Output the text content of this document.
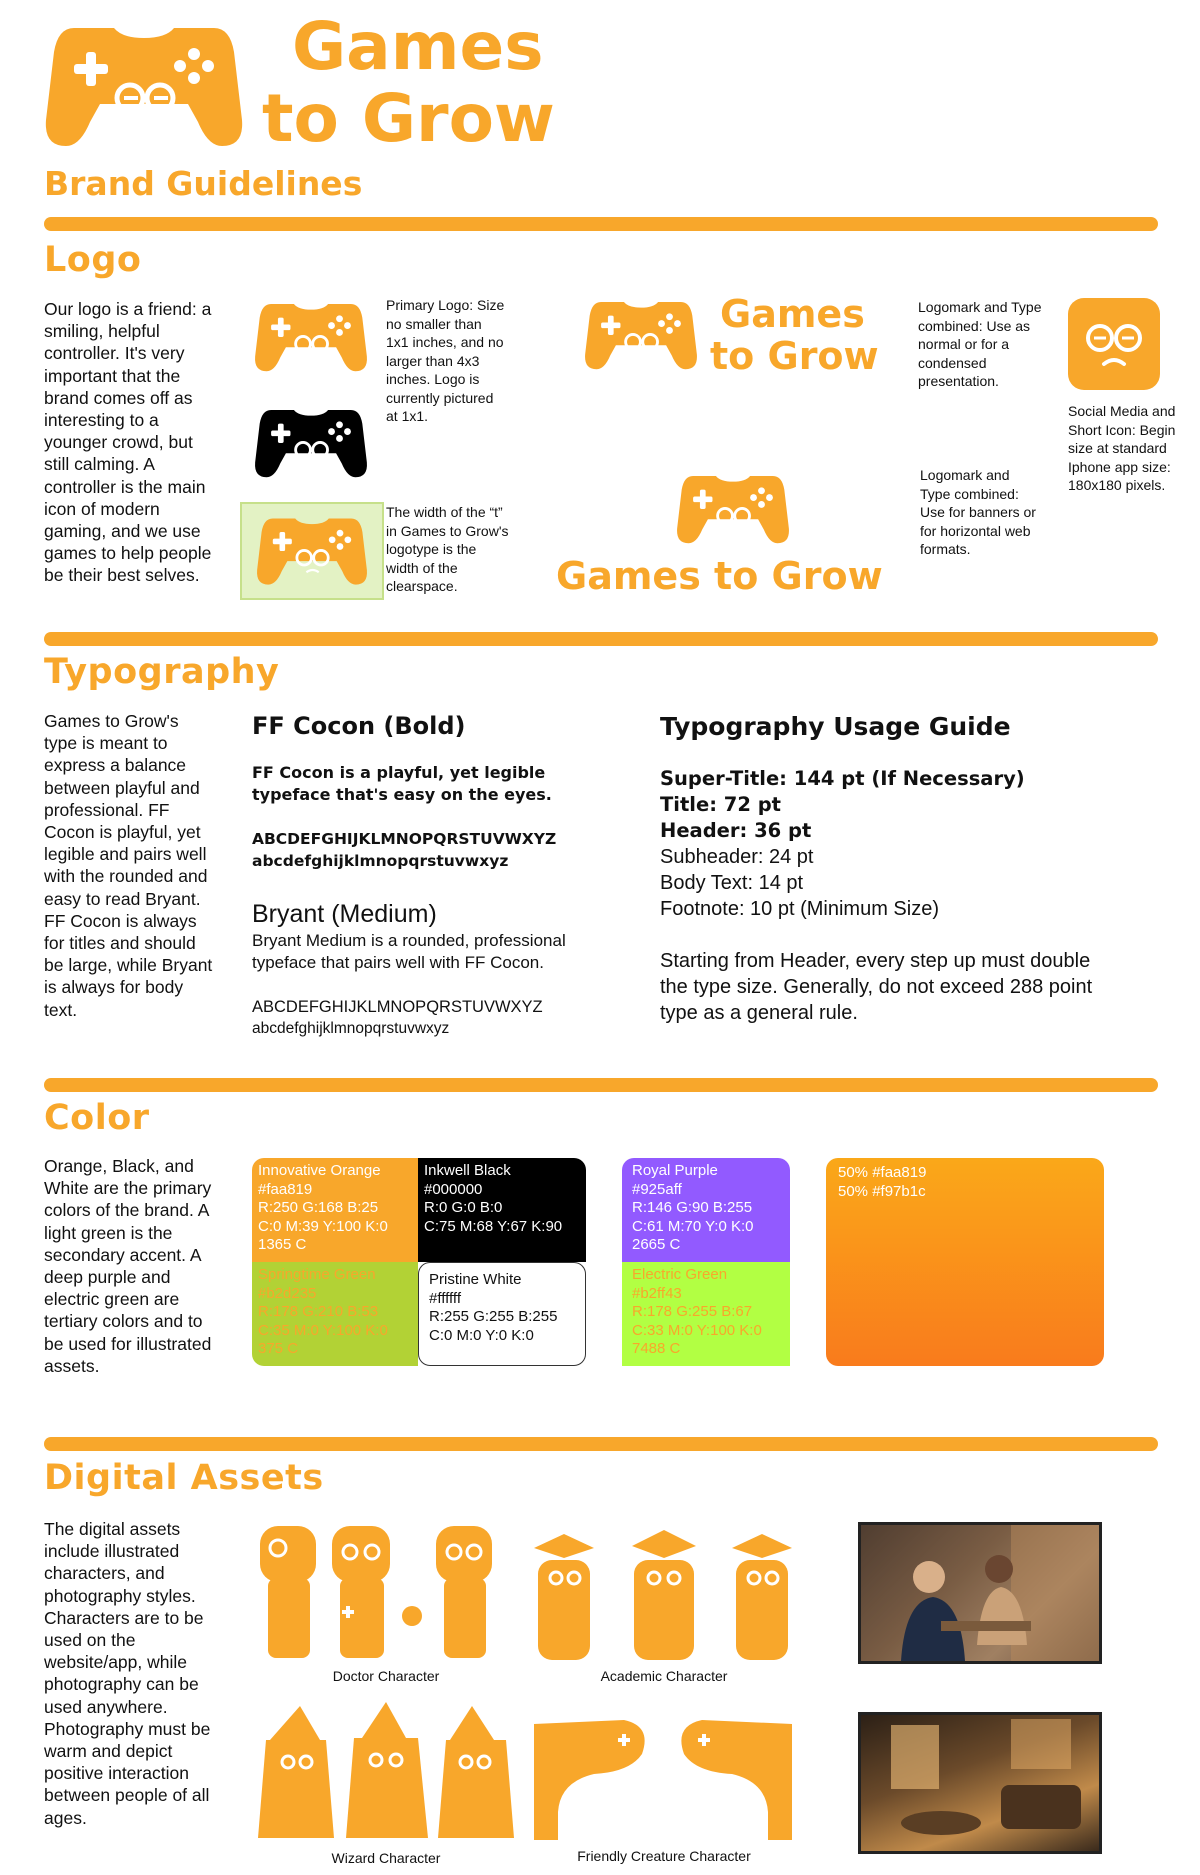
Games
to Grow
Brand Guidelines
Logo
Our logo is a friend: a smiling, helpful controller. It's very important that the brand comes off as interesting to a younger crowd, but still calming. A controller is the main icon of modern gaming, and we use games to help people be their best selves.
Primary Logo: Size no smaller than 1x1 inches, and no larger than 4x3 inches. Logo is currently pictured at 1x1.
The width of the “t” in Games to Grow's logotype is the width of the clearspace.
Games
to Grow
Logomark and Type combined: Use as normal or for a condensed presentation.
Games to Grow
Logomark and Type combined: Use for banners or for horizontal web formats.
Social Media and Short Icon: Begin size at standard Iphone app size: 180x180 pixels.
Typography
Games to Grow's type is meant to express a balance between playful and professional. FF Cocon is playful, yet legible and pairs well with the rounded and easy to read Bryant. FF Cocon is always for titles and should be large, while Bryant is always for body text.
FF Cocon (Bold)
FF Cocon is a playful, yet legible typeface that's easy on the eyes.
ABCDEFGHIJKLMNOPQRSTUVWXYZ
abcdefghijklmnopqrstuvwxyz
Bryant (Medium)
Bryant Medium is a rounded, professional typeface that pairs well with FF Cocon.
ABCDEFGHIJKLMNOPQRSTUVWXYZ
abcdefghijklmnopqrstuvwxyz
Typography Usage Guide
Super-Title: 144 pt (If Necessary)
Title: 72 pt
Header: 36 pt
Subheader: 24 pt
Body Text: 14 pt
Footnote: 10 pt (Minimum Size)
Starting from Header, every step up must double the type size. Generally, do not exceed 288 point type as a general rule.
Color
Orange, Black, and White are the primary colors of the brand. A light green is the secondary accent. A deep purple and electric green are tertiary colors and to be used for illustrated assets.
Innovative Orange
#faa819
R:250 G:168 B:25
C:0 M:39 Y:100 K:0
1365 C
Inkwell Black
#000000
R:0 G:0 B:0
C:75 M:68 Y:67 K:90
Springtime Green
#b2d235
R:178 G:210 B:53
C:35 M:0 Y:100 K:0
375 C
Pristine White
#ffffff
R:255 G:255 B:255
C:0 M:0 Y:0 K:0
Royal Purple
#925aff
R:146 G:90 B:255
C:61 M:70 Y:0 K:0
2665 C
Electric Green
#b2ff43
R:178 G:255 B:67
C:33 M:0 Y:100 K:0
7488 C
50% #faa819
50% #f97b1c
Digital Assets
The digital assets include illustrated characters, and photography styles. Characters are to be used on the website/app, while photography can be used anywhere. Photography must be warm and depict positive interaction between people of all ages.
Doctor Character	Academic Character
Wizard Character	Friendly Creature Character
